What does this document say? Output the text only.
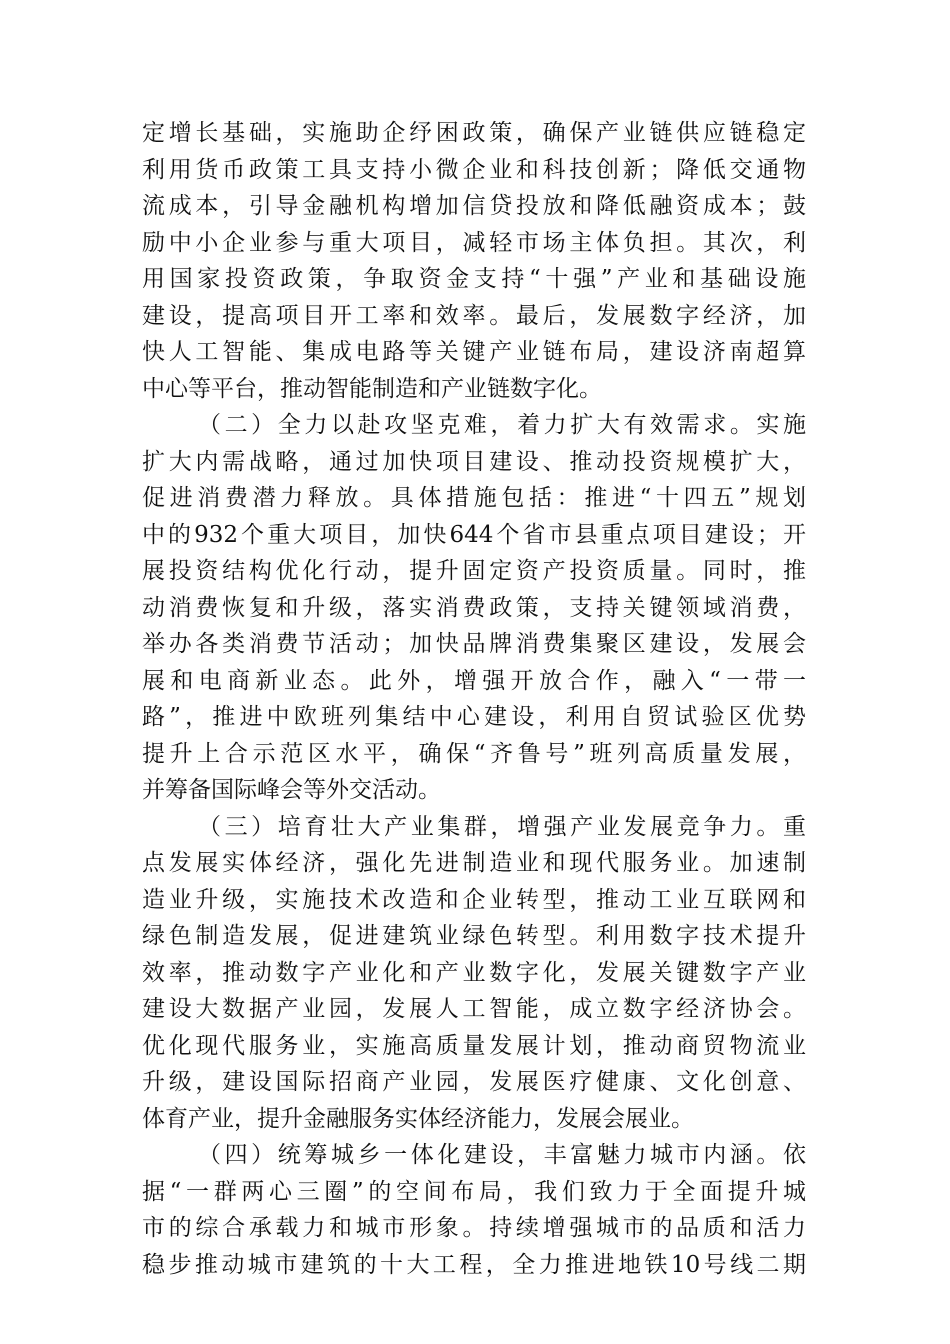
定增长基础，实施助企纾困政策，确保产业链供应链稳定
利用货币政策工具支持小微企业和科技创新；降低交通物
流成本，引导金融机构增加信贷投放和降低融资成本；鼓
励中小企业参与重大项目，减轻市场主体负担。其次，利
用国家投资政策，争取资金支持“十强”产业和基础设施
建设，提高项目开工率和效率。最后，发展数字经济，加
快人工智能、集成电路等关键产业链布局，建设济南超算
中心等平台，推动智能制造和产业链数字化。
（二）全力以赴攻坚克难，着力扩大有效需求。实施
扩大内需战略，通过加快项目建设、推动投资规模扩大，
促进消费潜力释放。具体措施包括：推进“十四五”规划
中的932个重大项目，加快644个省市县重点项目建设；开
展投资结构优化行动，提升固定资产投资质量。同时，推
动消费恢复和升级，落实消费政策，支持关键领域消费，
举办各类消费节活动；加快品牌消费集聚区建设，发展会
展和电商新业态。此外，增强开放合作，融入“一带一
路”，推进中欧班列集结中心建设，利用自贸试验区优势
提升上合示范区水平，确保“齐鲁号”班列高质量发展，
并筹备国际峰会等外交活动。
（三）培育壮大产业集群，增强产业发展竞争力。重
点发展实体经济，强化先进制造业和现代服务业。加速制
造业升级，实施技术改造和企业转型，推动工业互联网和
绿色制造发展，促进建筑业绿色转型。利用数字技术提升
效率，推动数字产业化和产业数字化，发展关键数字产业
建设大数据产业园，发展人工智能，成立数字经济协会。
优化现代服务业，实施高质量发展计划，推动商贸物流业
升级，建设国际招商产业园，发展医疗健康、文化创意、
体育产业，提升金融服务实体经济能力，发展会展业。
（四）统筹城乡一体化建设，丰富魅力城市内涵。依
据“一群两心三圈”的空间布局，我们致力于全面提升城
市的综合承载力和城市形象。持续增强城市的品质和活力
稳步推动城市建筑的十大工程，全力推进地铁10号线二期
